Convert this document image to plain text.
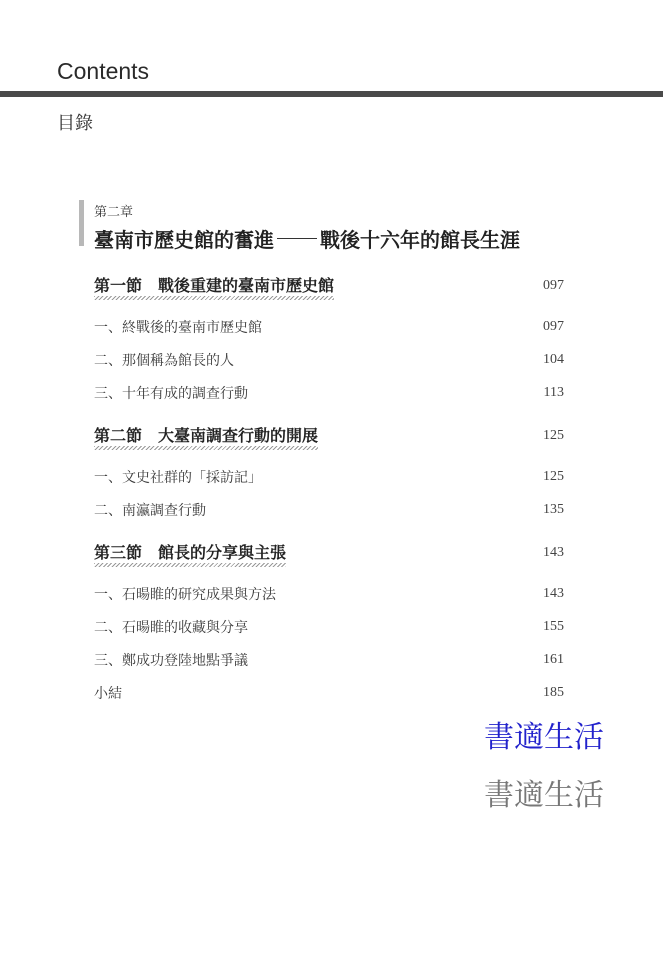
Contents
目錄
第二章
臺南市歷史館的奮進 戰後十六年的館長生涯
第一節　戰後重建的臺南市歷史館	097
一、終戰後的臺南市歷史館	097
二、那個稱為館長的人	104
三、十年有成的調查行動	113
第二節　大臺南調查行動的開展	125
一、文史社群的「採訪記」	125
二、南瀛調查行動	135
第三節　館長的分享與主張	143
一、石暘睢的研究成果與方法	143
二、石暘睢的收藏與分享	155
三、鄭成功登陸地點爭議	161
小結	185
書適生活
書適生活
